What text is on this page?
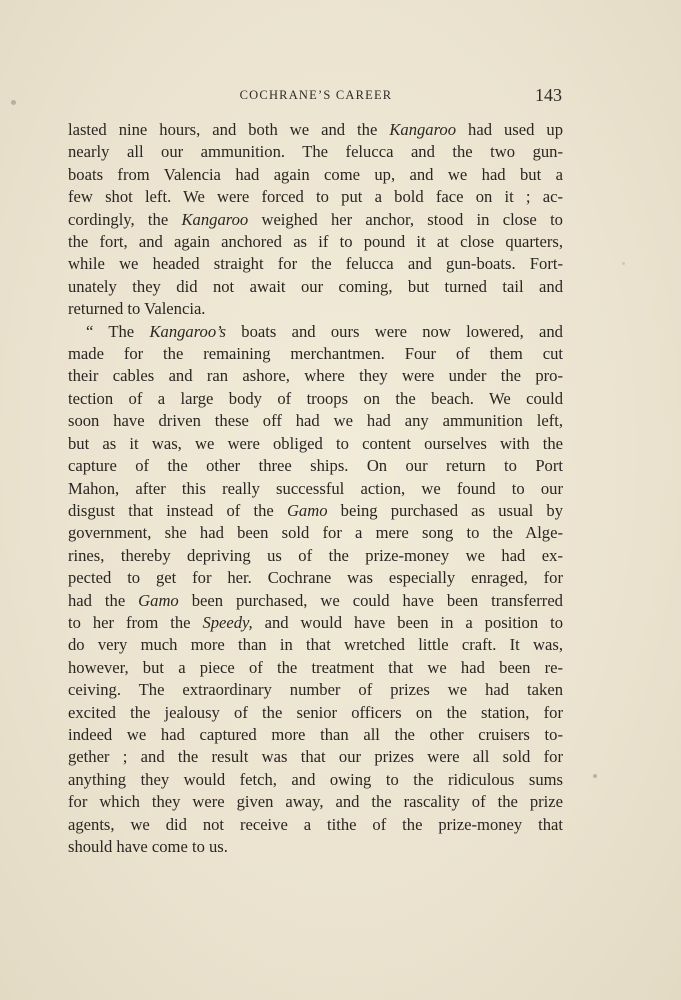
COCHRANE’S CAREER	143
lasted nine hours, and both we and the Kangaroo had used up
nearly all our ammunition. The felucca and the two gun-
boats from Valencia had again come up, and we had but a
few shot left. We were forced to put a bold face on it ; ac-
cordingly, the Kangaroo weighed her anchor, stood in close to
the fort, and again anchored as if to pound it at close quarters,
while we headed straight for the felucca and gun-boats. Fort-
unately they did not await our coming, but turned tail and
returned to Valencia.
“ The Kangaroo’s boats and ours were now lowered, and
made for the remaining merchantmen. Four of them cut
their cables and ran ashore, where they were under the pro-
tection of a large body of troops on the beach. We could
soon have driven these off had we had any ammunition left,
but as it was, we were obliged to content ourselves with the
capture of the other three ships. On our return to Port
Mahon, after this really successful action, we found to our
disgust that instead of the Gamo being purchased as usual by
government, she had been sold for a mere song to the Alge-
rines, thereby depriving us of the prize-money we had ex-
pected to get for her. Cochrane was especially enraged, for
had the Gamo been purchased, we could have been transferred
to her from the Speedy, and would have been in a position to
do very much more than in that wretched little craft. It was,
however, but a piece of the treatment that we had been re-
ceiving. The extraordinary number of prizes we had taken
excited the jealousy of the senior officers on the station, for
indeed we had captured more than all the other cruisers to-
gether ; and the result was that our prizes were all sold for
anything they would fetch, and owing to the ridiculous sums
for which they were given away, and the rascality of the prize
agents, we did not receive a tithe of the prize-money that
should have come to us.
